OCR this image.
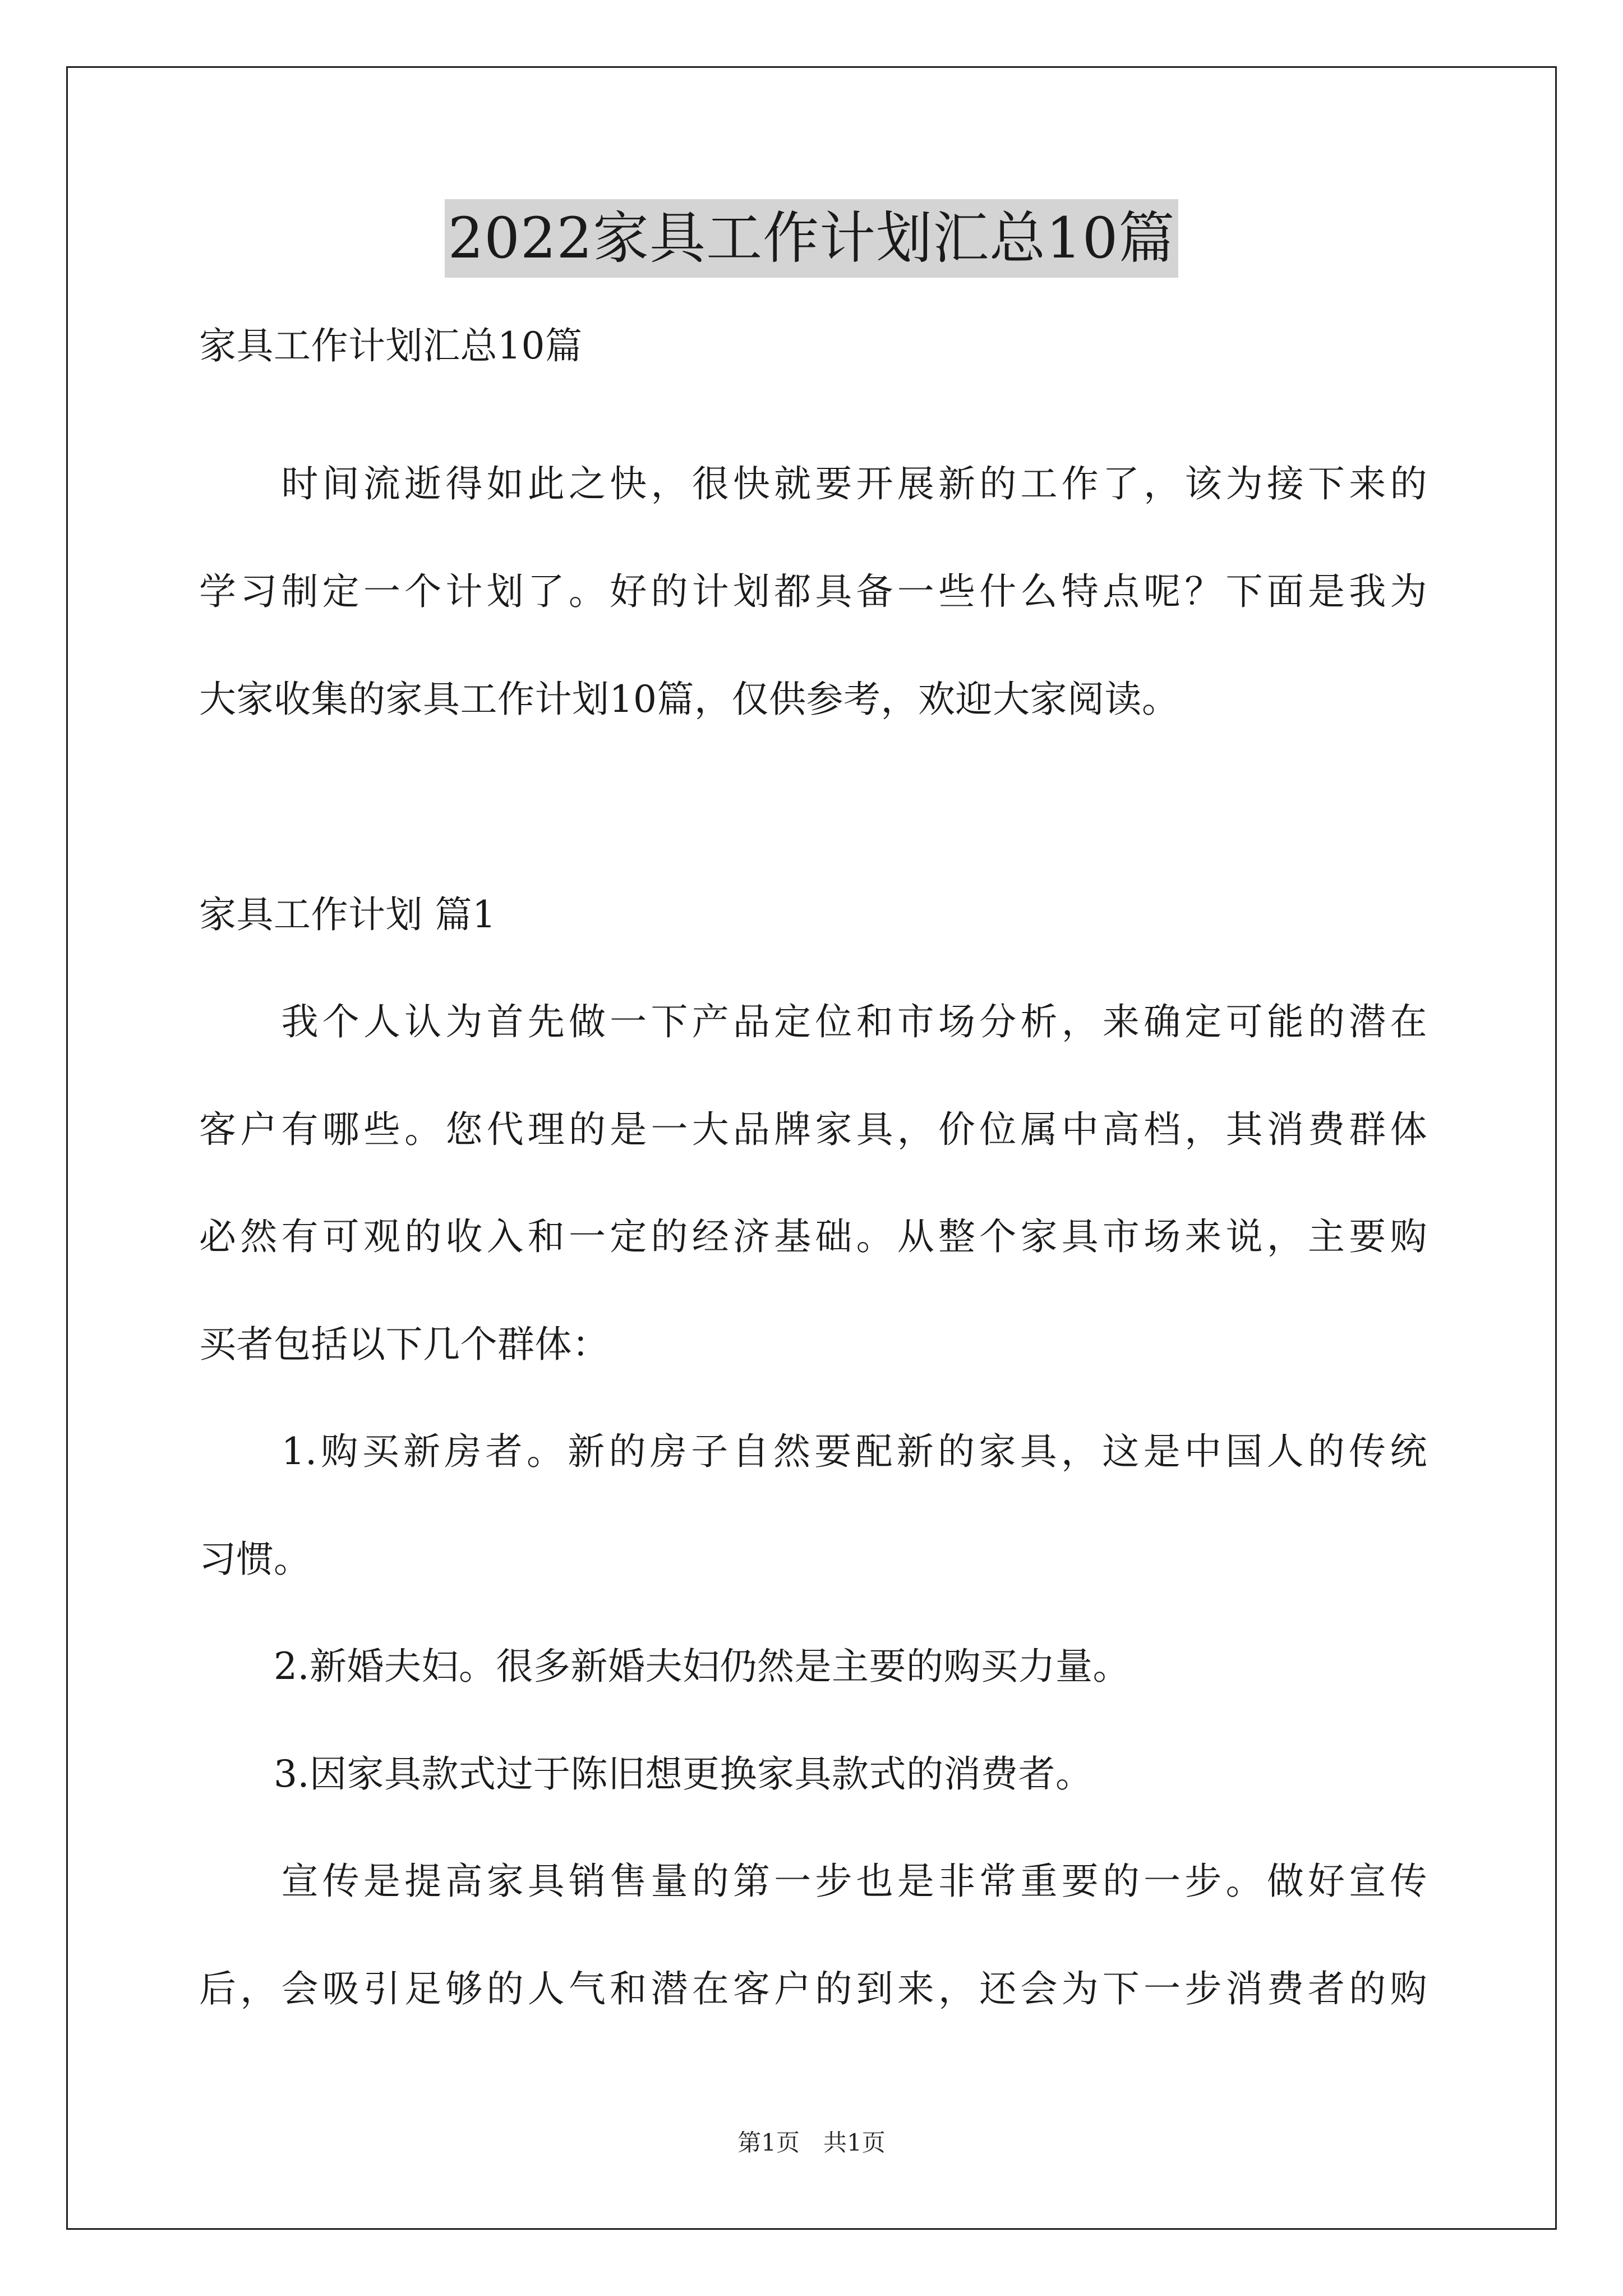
2022家具工作计划汇总10篇
家具工作计划汇总10篇
　　时间流逝得如此之快，很快就要开展新的工作了，该为接下来的
学习制定一个计划了。好的计划都具备一些什么特点呢？下面是我为
大家收集的家具工作计划10篇，仅供参考，欢迎大家阅读。
家具工作计划 篇1
　　我个人认为首先做一下产品定位和市场分析，来确定可能的潜在
客户有哪些。您代理的是一大品牌家具，价位属中高档，其消费群体
必然有可观的收入和一定的经济基础。从整个家具市场来说，主要购
买者包括以下几个群体：
　　1.购买新房者。新的房子自然要配新的家具，这是中国人的传统
习惯。
　　2.新婚夫妇。很多新婚夫妇仍然是主要的购买力量。
　　3.因家具款式过于陈旧想更换家具款式的消费者。
　　宣传是提高家具销售量的第一步也是非常重要的一步。做好宣传
后，会吸引足够的人气和潜在客户的到来，还会为下一步消费者的购
第1页　共1页
